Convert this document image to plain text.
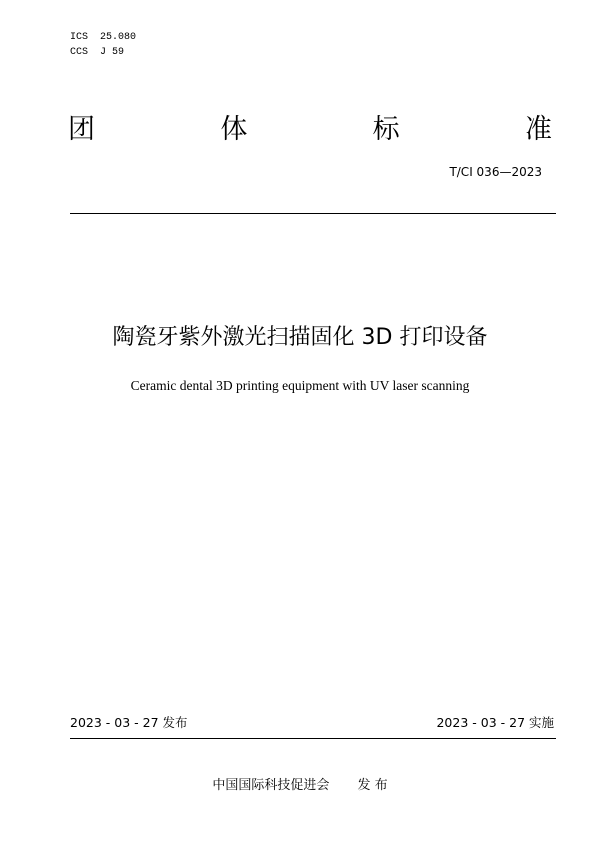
ICS  25.080
CCS  J 59
团	体	标	准
T/CI 036—2023
陶瓷牙紫外激光扫描固化 3D 打印设备
Ceramic dental 3D printing equipment with UV laser scanning
2023 - 03 - 27 发布	2023 - 03 - 27 实施
中国国际科技促进会 发 布
